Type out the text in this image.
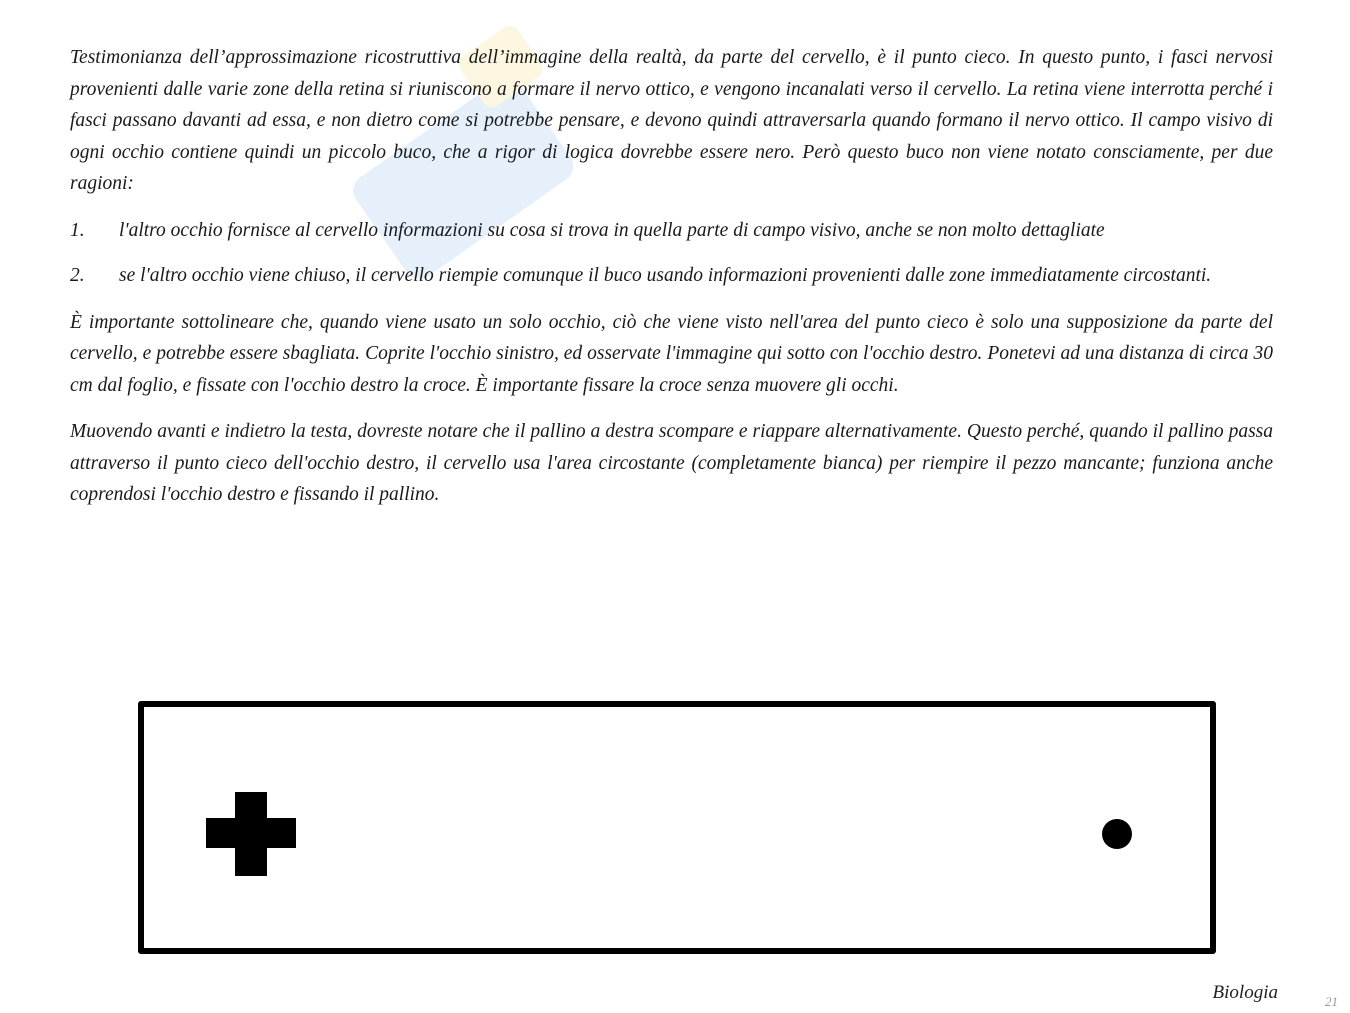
Testimonianza dell’approssimazione ricostruttiva dell’immagine della realtà, da parte del cervello, è il punto cieco. In questo punto, i fasci nervosi provenienti dalle varie zone della retina si riuniscono a formare il nervo ottico, e vengono incanalati verso il cervello. La retina viene interrotta perché i fasci passano davanti ad essa, e non dietro come si potrebbe pensare, e devono quindi attraversarla quando formano il nervo ottico. Il campo visivo di ogni occhio contiene quindi un piccolo buco, che a rigor di logica dovrebbe essere nero. Però questo buco non viene notato consciamente, per due ragioni:

1. l'altro occhio fornisce al cervello informazioni su cosa si trova in quella parte di campo visivo, anche se non molto dettagliate
2. se l'altro occhio viene chiuso, il cervello riempie comunque il buco usando informazioni provenienti dalle zone immediatamente circostanti.

È importante sottolineare che, quando viene usato un solo occhio, ciò che viene visto nell'area del punto cieco è solo una supposizione da parte del cervello, e potrebbe essere sbagliata. Coprite l'occhio sinistro, ed osservate l'immagine qui sotto con l'occhio destro. Ponetevi ad una distanza di circa 30 cm dal foglio, e fissate con l'occhio destro la croce. È importante fissare la croce senza muovere gli occhi.

Muovendo avanti e indietro la testa, dovreste notare che il pallino a destra scompare e riappare alternativamente. Questo perché, quando il pallino passa attraverso il punto cieco dell'occhio destro, il cervello usa l'area circostante (completamente bianca) per riempire il pezzo mancante; funziona anche coprendosi l'occhio destro e fissando il pallino.

Biologia	21
